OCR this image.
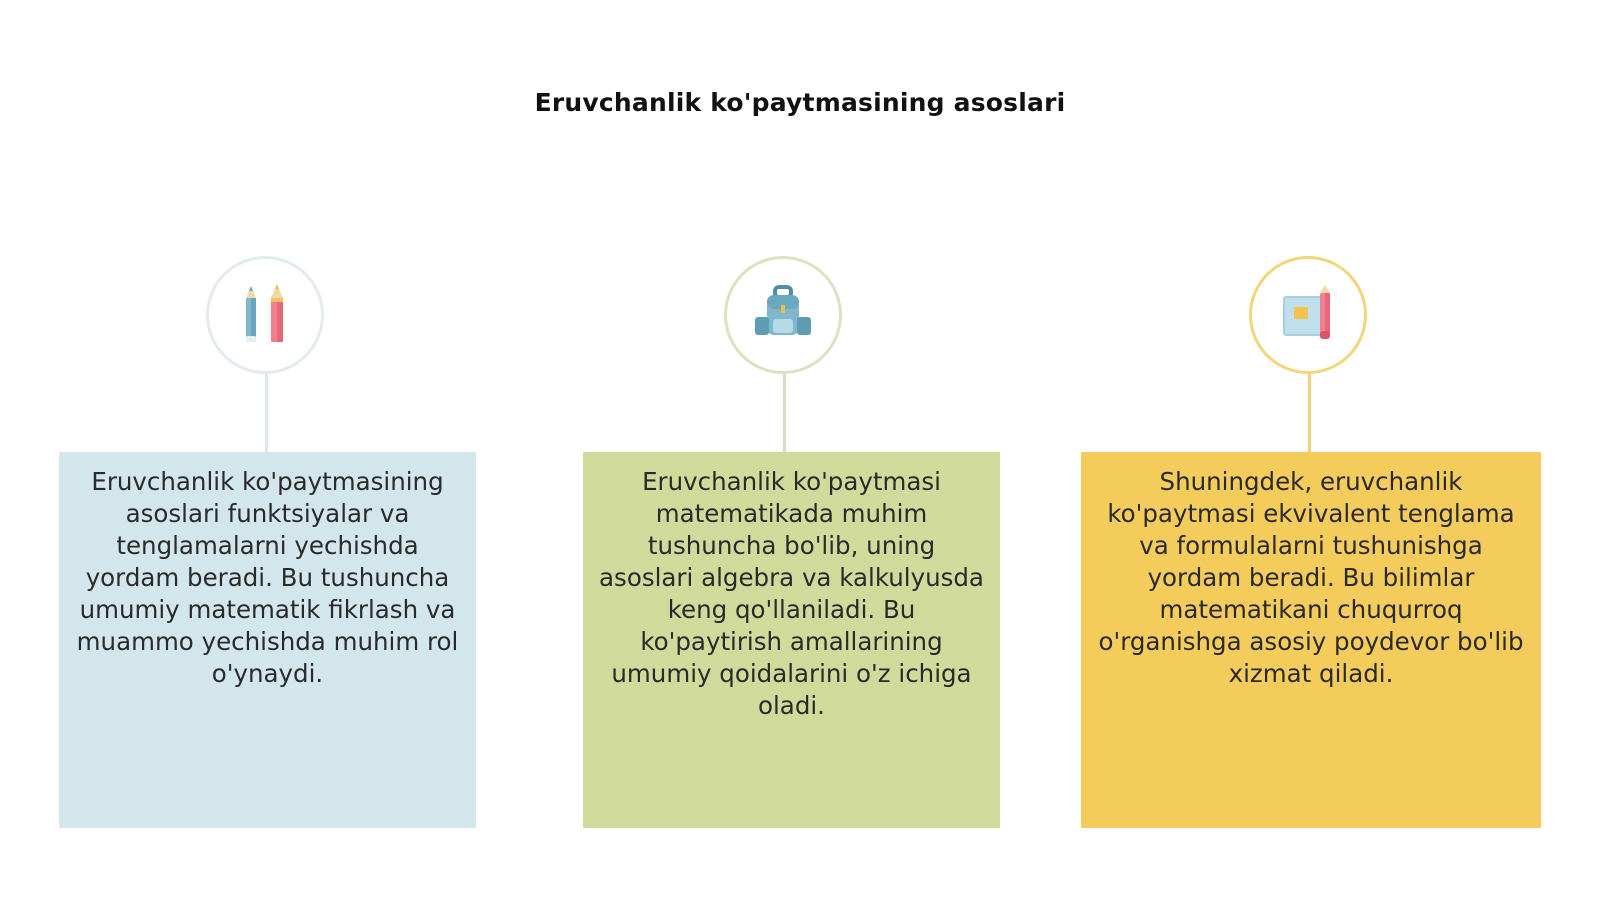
Eruvchanlik ko'paytmasining asoslari

Eruvchanlik ko'paytmasining asoslari funktsiyalar va tenglamalarni yechishda yordam beradi. Bu tushuncha umumiy matematik fikrlash va muammo yechishda muhim rol o'ynaydi.

Eruvchanlik ko'paytmasi matematikada muhim tushuncha bo'lib, uning asoslari algebra va kalkulyusda keng qo'llaniladi. Bu ko'paytirish amallarining umumiy qoidalarini o'z ichiga oladi.

Shuningdek, eruvchanlik ko'paytmasi ekvivalent tenglama va formulalarni tushunishga yordam beradi. Bu bilimlar matematikani chuqurroq o'rganishga asosiy poydevor bo'lib xizmat qiladi.
